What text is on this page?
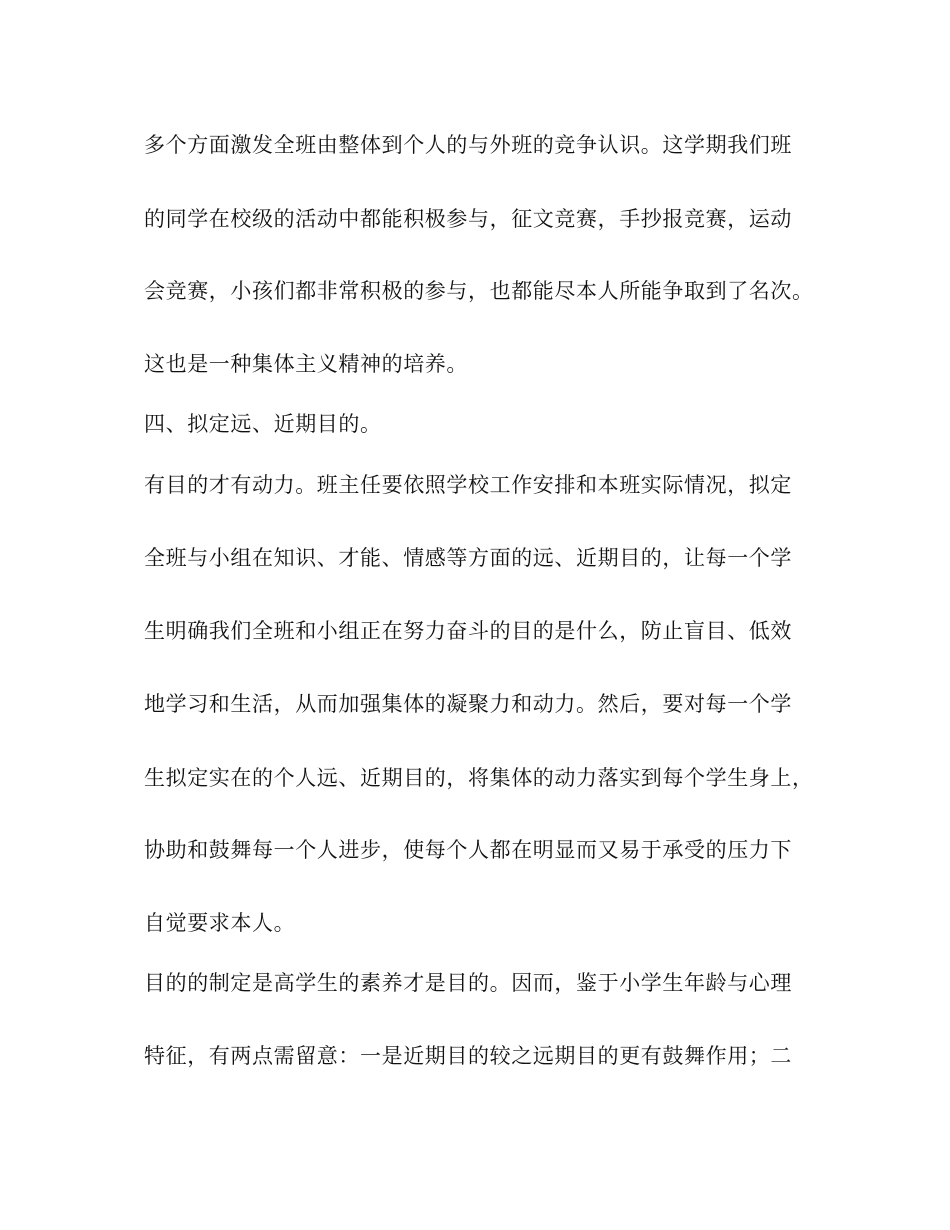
多个方面激发全班由整体到个人的与外班的竞争认识。这学期我们班
的同学在校级的活动中都能积极参与，征文竞赛，手抄报竞赛，运动
会竞赛，小孩们都非常积极的参与，也都能尽本人所能争取到了名次。
这也是一种集体主义精神的培养。
四、拟定远、近期目的。
有目的才有动力。班主任要依照学校工作安排和本班实际情况，拟定
全班与小组在知识、才能、情感等方面的远、近期目的，让每一个学
生明确我们全班和小组正在努力奋斗的目的是什么，防止盲目、低效
地学习和生活，从而加强集体的凝聚力和动力。然后，要对每一个学
生拟定实在的个人远、近期目的，将集体的动力落实到每个学生身上，
协助和鼓舞每一个人进步，使每个人都在明显而又易于承受的压力下
自觉要求本人。
目的的制定是高学生的素养才是目的。因而，鉴于小学生年龄与心理
特征，有两点需留意：一是近期目的较之远期目的更有鼓舞作用；二
